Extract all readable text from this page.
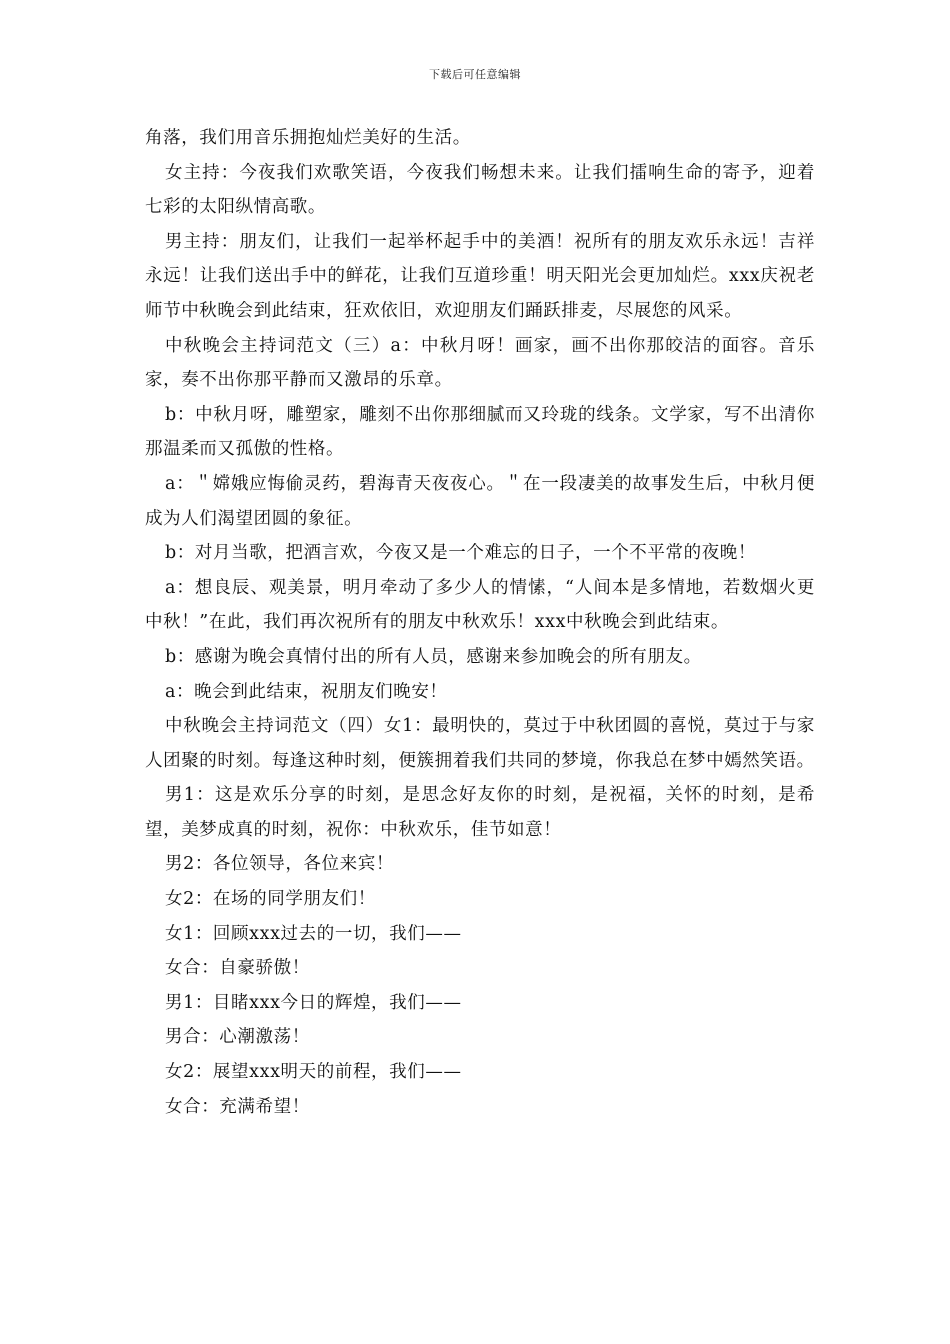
下载后可任意编辑

角落，我们用音乐拥抱灿烂美好的生活。

女主持：今夜我们欢歌笑语，今夜我们畅想未来。让我们擂响生命的寄予，迎着七彩的太阳纵情高歌。

男主持：朋友们，让我们一起举杯起手中的美酒！祝所有的朋友欢乐永远！吉祥永远！让我们送出手中的鲜花，让我们互道珍重！明天阳光会更加灿烂。xxx庆祝老师节中秋晚会到此结束，狂欢依旧，欢迎朋友们踊跃排麦，尽展您的风采。

中秋晚会主持词范文（三）a：中秋月呀！画家，画不出你那皎洁的面容。音乐家，奏不出你那平静而又激昂的乐章。

b：中秋月呀，雕塑家，雕刻不出你那细腻而又玲珑的线条。文学家，写不出清你那温柔而又孤傲的性格。

a：＂嫦娥应悔偷灵药，碧海青天夜夜心。＂在一段凄美的故事发生后，中秋月便成为人们渴望团圆的象征。

b：对月当歌，把酒言欢，今夜又是一个难忘的日子，一个不平常的夜晚！

a：想良辰、观美景，明月牵动了多少人的情愫，“人间本是多情地，若数烟火更中秋！”在此，我们再次祝所有的朋友中秋欢乐！xxx中秋晚会到此结束。

b：感谢为晚会真情付出的所有人员，感谢来参加晚会的所有朋友。

a：晚会到此结束，祝朋友们晚安！

中秋晚会主持词范文（四）女1：最明快的，莫过于中秋团圆的喜悦，莫过于与家人团聚的时刻。每逢这种时刻，便簇拥着我们共同的梦境，你我总在梦中嫣然笑语。

男1：这是欢乐分享的时刻，是思念好友你的时刻，是祝福，关怀的时刻，是希望，美梦成真的时刻，祝你：中秋欢乐，佳节如意！

男2：各位领导，各位来宾！

女2：在场的同学朋友们！

女1：回顾xxx过去的一切，我们——

女合：自豪骄傲！

男1：目睹xxx今日的辉煌，我们——

男合：心潮激荡！

女2：展望xxx明天的前程，我们——

女合：充满希望！
